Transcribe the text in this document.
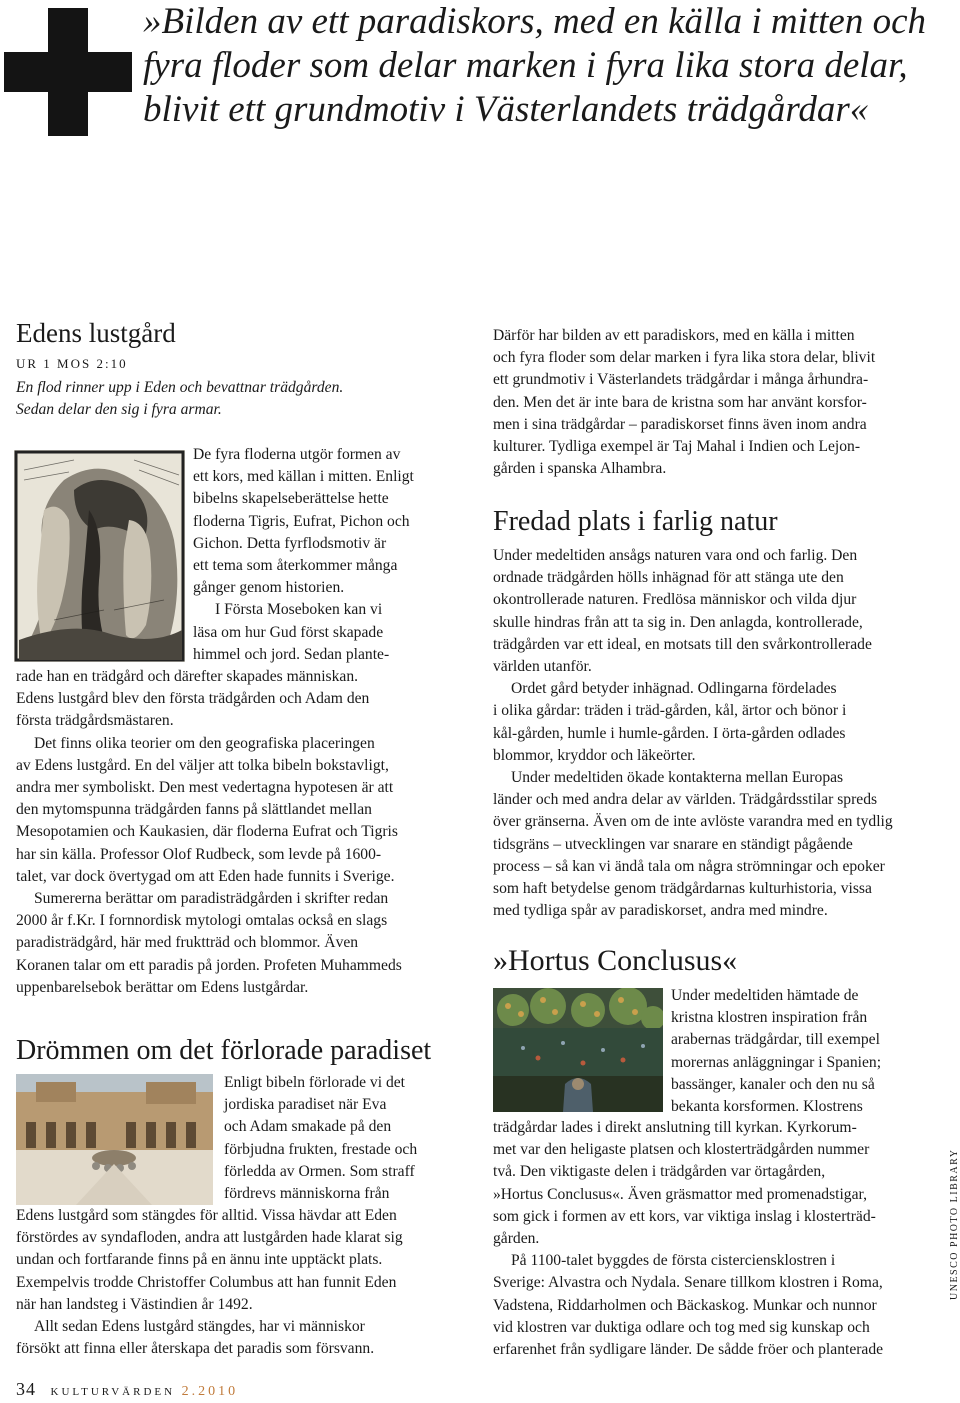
»Bilden av ett paradiskors, med en källa i mitten och
fyra floder som delar marken i fyra lika stora delar,
blivit ett grundmotiv i Västerlandets trädgårdar«
Edens lustgård

UR 1 MOS 2:10

En flod rinner upp i Eden och bevattnar trädgården.
Sedan delar den sig i fyra armar.

De fyra floderna utgör formen av
ett kors, med källan i mitten. Enligt
bibelns skapelseberättelse hette
floderna Tigris, Eufrat, Pichon och
Gichon. Detta fyrflodsmotiv är
ett tema som återkommer många
gånger genom historien.
I Första Moseboken kan vi
läsa om hur Gud först skapade
himmel och jord. Sedan plante-
rade han en trädgård och därefter skapades människan.
Edens lustgård blev den första trädgården och Adam den
första trädgårdsmästaren.
Det finns olika teorier om den geografiska placeringen
av Edens lustgård. En del väljer att tolka bibeln bokstavligt,
andra mer symboliskt. Den mest vedertagna hypotesen är att
den mytomspunna trädgården fanns på slättlandet mellan
Mesopotamien och Kaukasien, där floderna Eufrat och Tigris
har sin källa. Professor Olof Rudbeck, som levde på 1600-
talet, var dock övertygad om att Eden hade funnits i Sverige.
Sumererna berättar om paradisträdgården i skrifter redan
2000 år f.Kr. I fornnordisk mytologi omtalas också en slags
paradisträdgård, här med fruktträd och blommor. Även
Koranen talar om ett paradis på jorden. Profeten Muhammeds
uppenbarelsebok berättar om Edens lustgårdar.
Drömmen om det förlorade paradiset
Enligt bibeln förlorade vi det
jordiska paradiset när Eva
och Adam smakade på den
förbjudna frukten, frestade och
förledda av Ormen. Som straff
fördrevs människorna från
Edens lustgård som stängdes för alltid. Vissa hävdar att Eden
förstördes av syndafloden, andra att lustgården hade klarat sig
undan och fortfarande finns på en ännu inte upptäckt plats.
Exempelvis trodde Christoffer Columbus att han funnit Eden
när han landsteg i Västindien år 1492.
Allt sedan Edens lustgård stängdes, har vi människor
försökt att finna eller återskapa det paradis som försvann.
Därför har bilden av ett paradiskors, med en källa i mitten
och fyra floder som delar marken i fyra lika stora delar, blivit
ett grundmotiv i Västerlandets trädgårdar i många århundra-
den. Men det är inte bara de kristna som har använt korsfor-
men i sina trädgårdar – paradiskorset finns även inom andra
kulturer. Tydliga exempel är Taj Mahal i Indien och Lejon-
gården i spanska Alhambra.
Fredad plats i farlig natur
Under medeltiden ansågs naturen vara ond och farlig. Den
ordnade trädgården hölls inhägnad för att stänga ute den
okontrollerade naturen. Fredlösa människor och vilda djur
skulle hindras från att ta sig in. Den anlagda, kontrollerade,
trädgården var ett ideal, en motsats till den svårkontrollerade
världen utanför.
Ordet gård betyder inhägnad. Odlingarna fördelades
i olika gårdar: träden i träd-gården, kål, ärtor och bönor i
kål-gården, humle i humle-gården. I örta-gården odlades
blommor, kryddor och läkeörter.
Under medeltiden ökade kontakterna mellan Europas
länder och med andra delar av världen. Trädgårdsstilar spreds
över gränserna. Även om de inte avlöste varandra med en tydlig
tidsgräns – utvecklingen var snarare en ständigt pågående
process – så kan vi ändå tala om några strömningar och epoker
som haft betydelse genom trädgårdarnas kulturhistoria, vissa
med tydliga spår av paradiskorset, andra med mindre.
»Hortus Conclusus«
Under medeltiden hämtade de
kristna klostren inspiration från
arabernas trädgårdar, till exempel
morernas anläggningar i Spanien;
bassänger, kanaler och den nu så
bekanta korsformen. Klostrens
trädgårdar lades i direkt anslutning till kyrkan. Kyrkorum-
met var den heligaste platsen och klosterträdgården nummer
två. Den viktigaste delen i trädgården var örtagården,
»Hortus Conclusus«. Även gräsmattor med promenadstigar,
som gick i formen av ett kors, var viktiga inslag i klosterträd-
gården.
På 1100-talet byggdes de första cisterciensklostren i
Sverige: Alvastra och Nydala. Senare tillkom klostren i Roma,
Vadstena, Riddarholmen och Bäckaskog. Munkar och nunnor
vid klostren var duktiga odlare och tog med sig kunskap och
erfarenhet från sydligare länder. De sådde fröer och planterade
UNESCO PHOTO LIBRARY
34 KULTURVÄRDEN 2.2010
